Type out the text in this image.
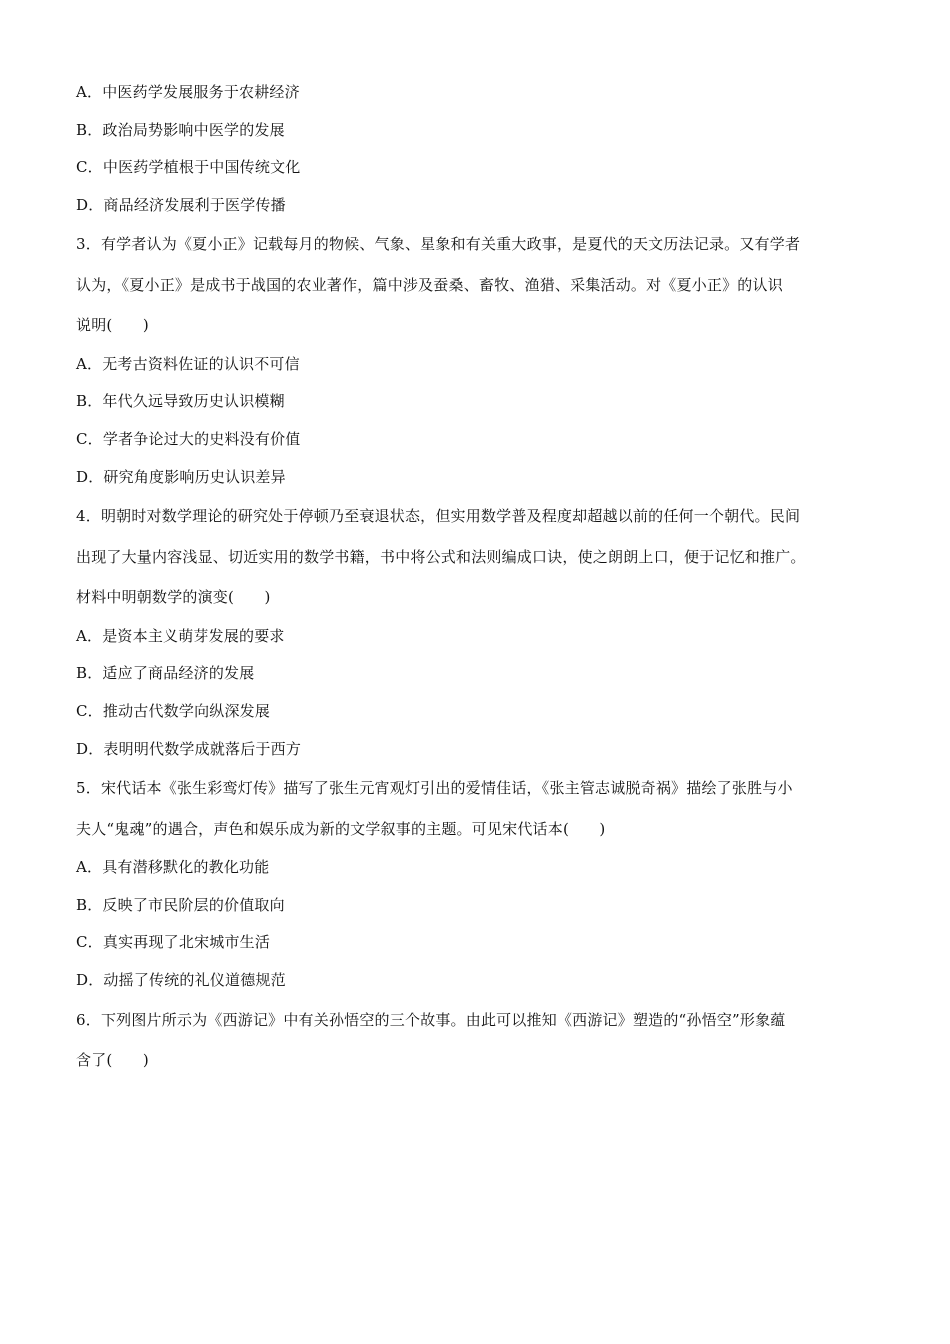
A．中医药学发展服务于农耕经济
B．政治局势影响中医学的发展
C．中医药学植根于中国传统文化
D．商品经济发展利于医学传播
3．有学者认为《夏小正》记载每月的物候、气象、星象和有关重大政事，是夏代的天文历法记录。又有学者
认为，《夏小正》是成书于战国的农业著作，篇中涉及蚕桑、畜牧、渔猎、采集活动。对《夏小正》的认识
说明(　　)
A．无考古资料佐证的认识不可信
B．年代久远导致历史认识模糊
C．学者争论过大的史料没有价值
D．研究角度影响历史认识差异
4．明朝时对数学理论的研究处于停顿乃至衰退状态，但实用数学普及程度却超越以前的任何一个朝代。民间
出现了大量内容浅显、切近实用的数学书籍，书中将公式和法则编成口诀，使之朗朗上口，便于记忆和推广。
材料中明朝数学的演变(　　)
A．是资本主义萌芽发展的要求
B．适应了商品经济的发展
C．推动古代数学向纵深发展
D．表明明代数学成就落后于西方
5．宋代话本《张生彩鸾灯传》描写了张生元宵观灯引出的爱情佳话，《张主管志诚脱奇祸》描绘了张胜与小
夫人“鬼魂”的遇合，声色和娱乐成为新的文学叙事的主题。可见宋代话本(　　)
A．具有潜移默化的教化功能
B．反映了市民阶层的价值取向
C．真实再现了北宋城市生活
D．动摇了传统的礼仪道德规范
6．下列图片所示为《西游记》中有关孙悟空的三个故事。由此可以推知《西游记》塑造的“孙悟空”形象蕴
含了(　　)
